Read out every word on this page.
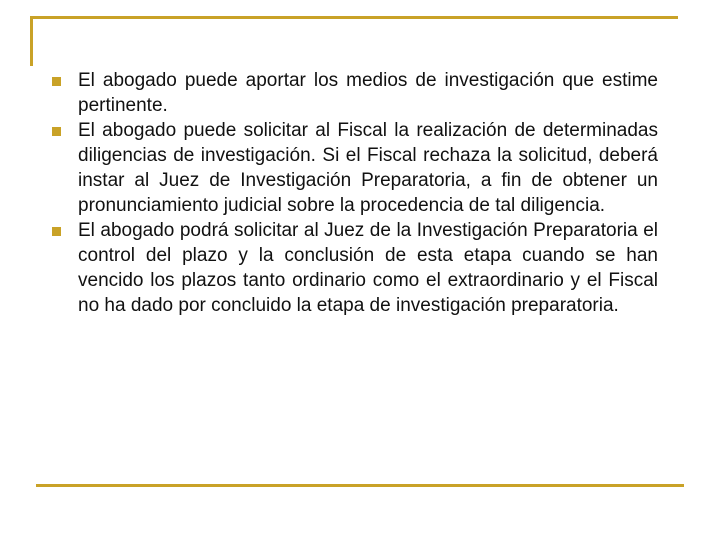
El abogado puede aportar los medios de investigación que estime pertinente.
El abogado puede solicitar al Fiscal la realización de determinadas diligencias de investigación. Si el Fiscal rechaza la solicitud, deberá instar al Juez de Investigación Preparatoria, a fin de obtener un pronunciamiento judicial sobre la procedencia de tal diligencia.
El abogado podrá solicitar al Juez de la Investigación Preparatoria el control del plazo y la conclusión de esta etapa cuando se han vencido los plazos tanto ordinario como el extraordinario y el Fiscal no ha dado por concluido la etapa de investigación preparatoria.
